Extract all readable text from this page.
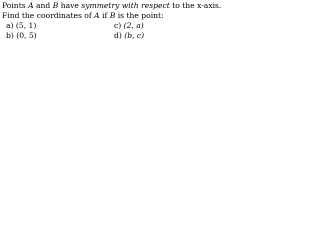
Points A and B have symmetry with respect to the x-axis.
Find the coordinates of A if B is the point:
a) (5, 1)	c) (2, a)
b) (0, 5)	d) (b, c)
